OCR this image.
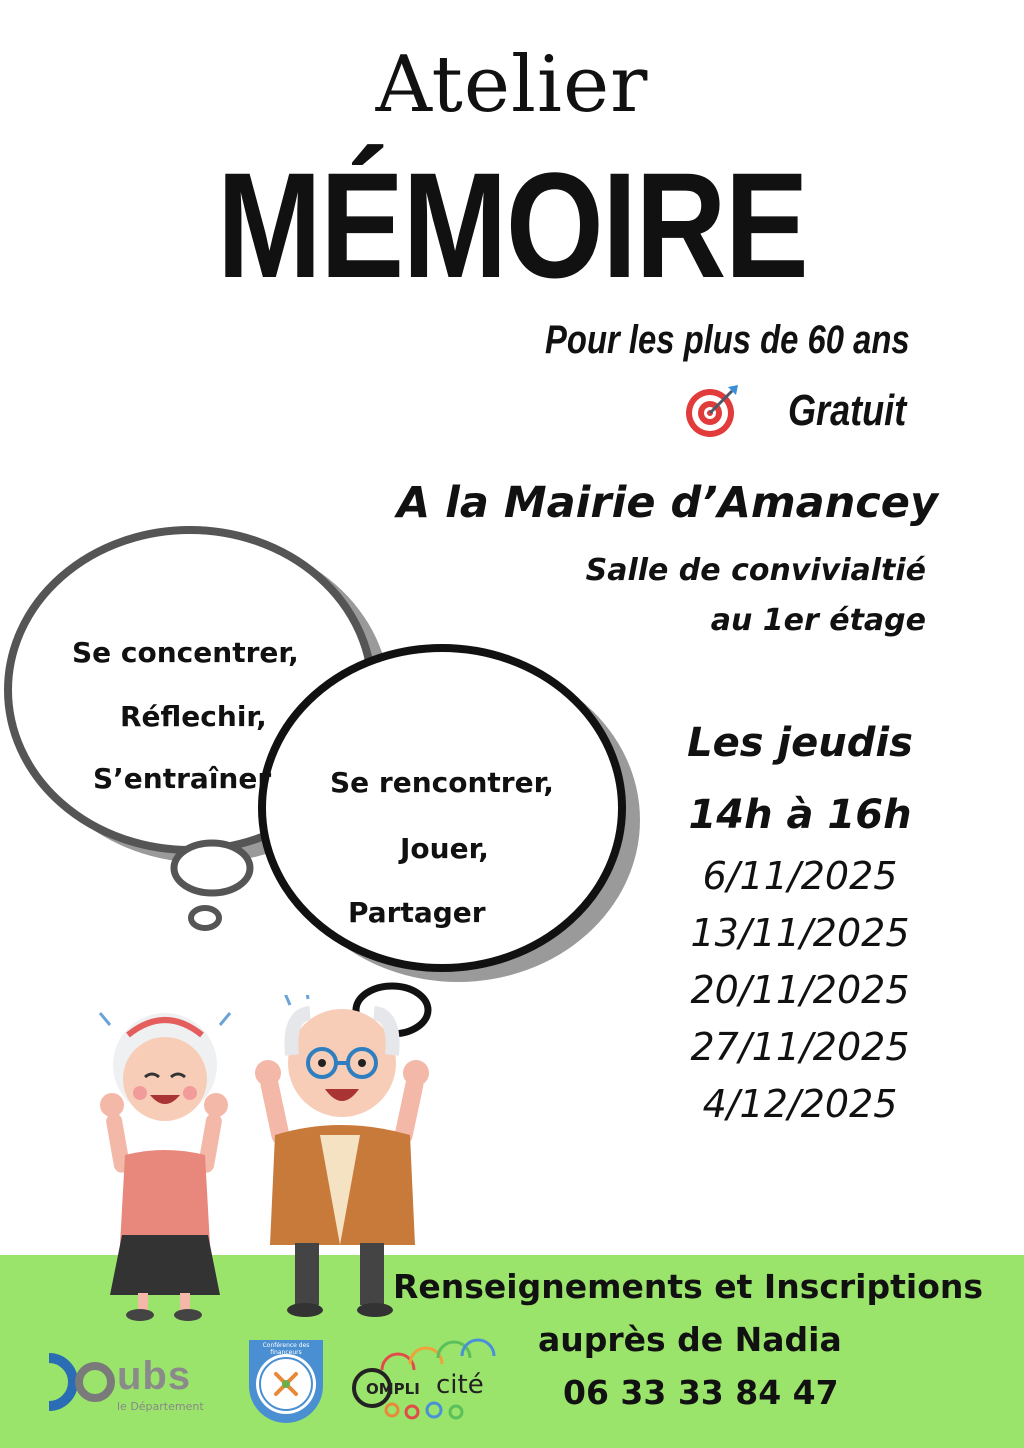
Atelier
MÉMOIRE
Pour les plus de 60 ans
Gratuit
A la Mairie d’Amancey
Salle de convivialtié
au 1er étage
Se concentrer,
Réflechir,
S’entraîner Se rencontrer,
Jouer,
Partager
Les jeudis
14h à 16h
6/11/2025
13/11/2025
20/11/2025
27/11/2025
4/12/2025
Renseignements et Inscriptions
auprès de Nadia
06 33 33 84 47
ubs
le Département
Conférence des financeurs
OMPLI cité
